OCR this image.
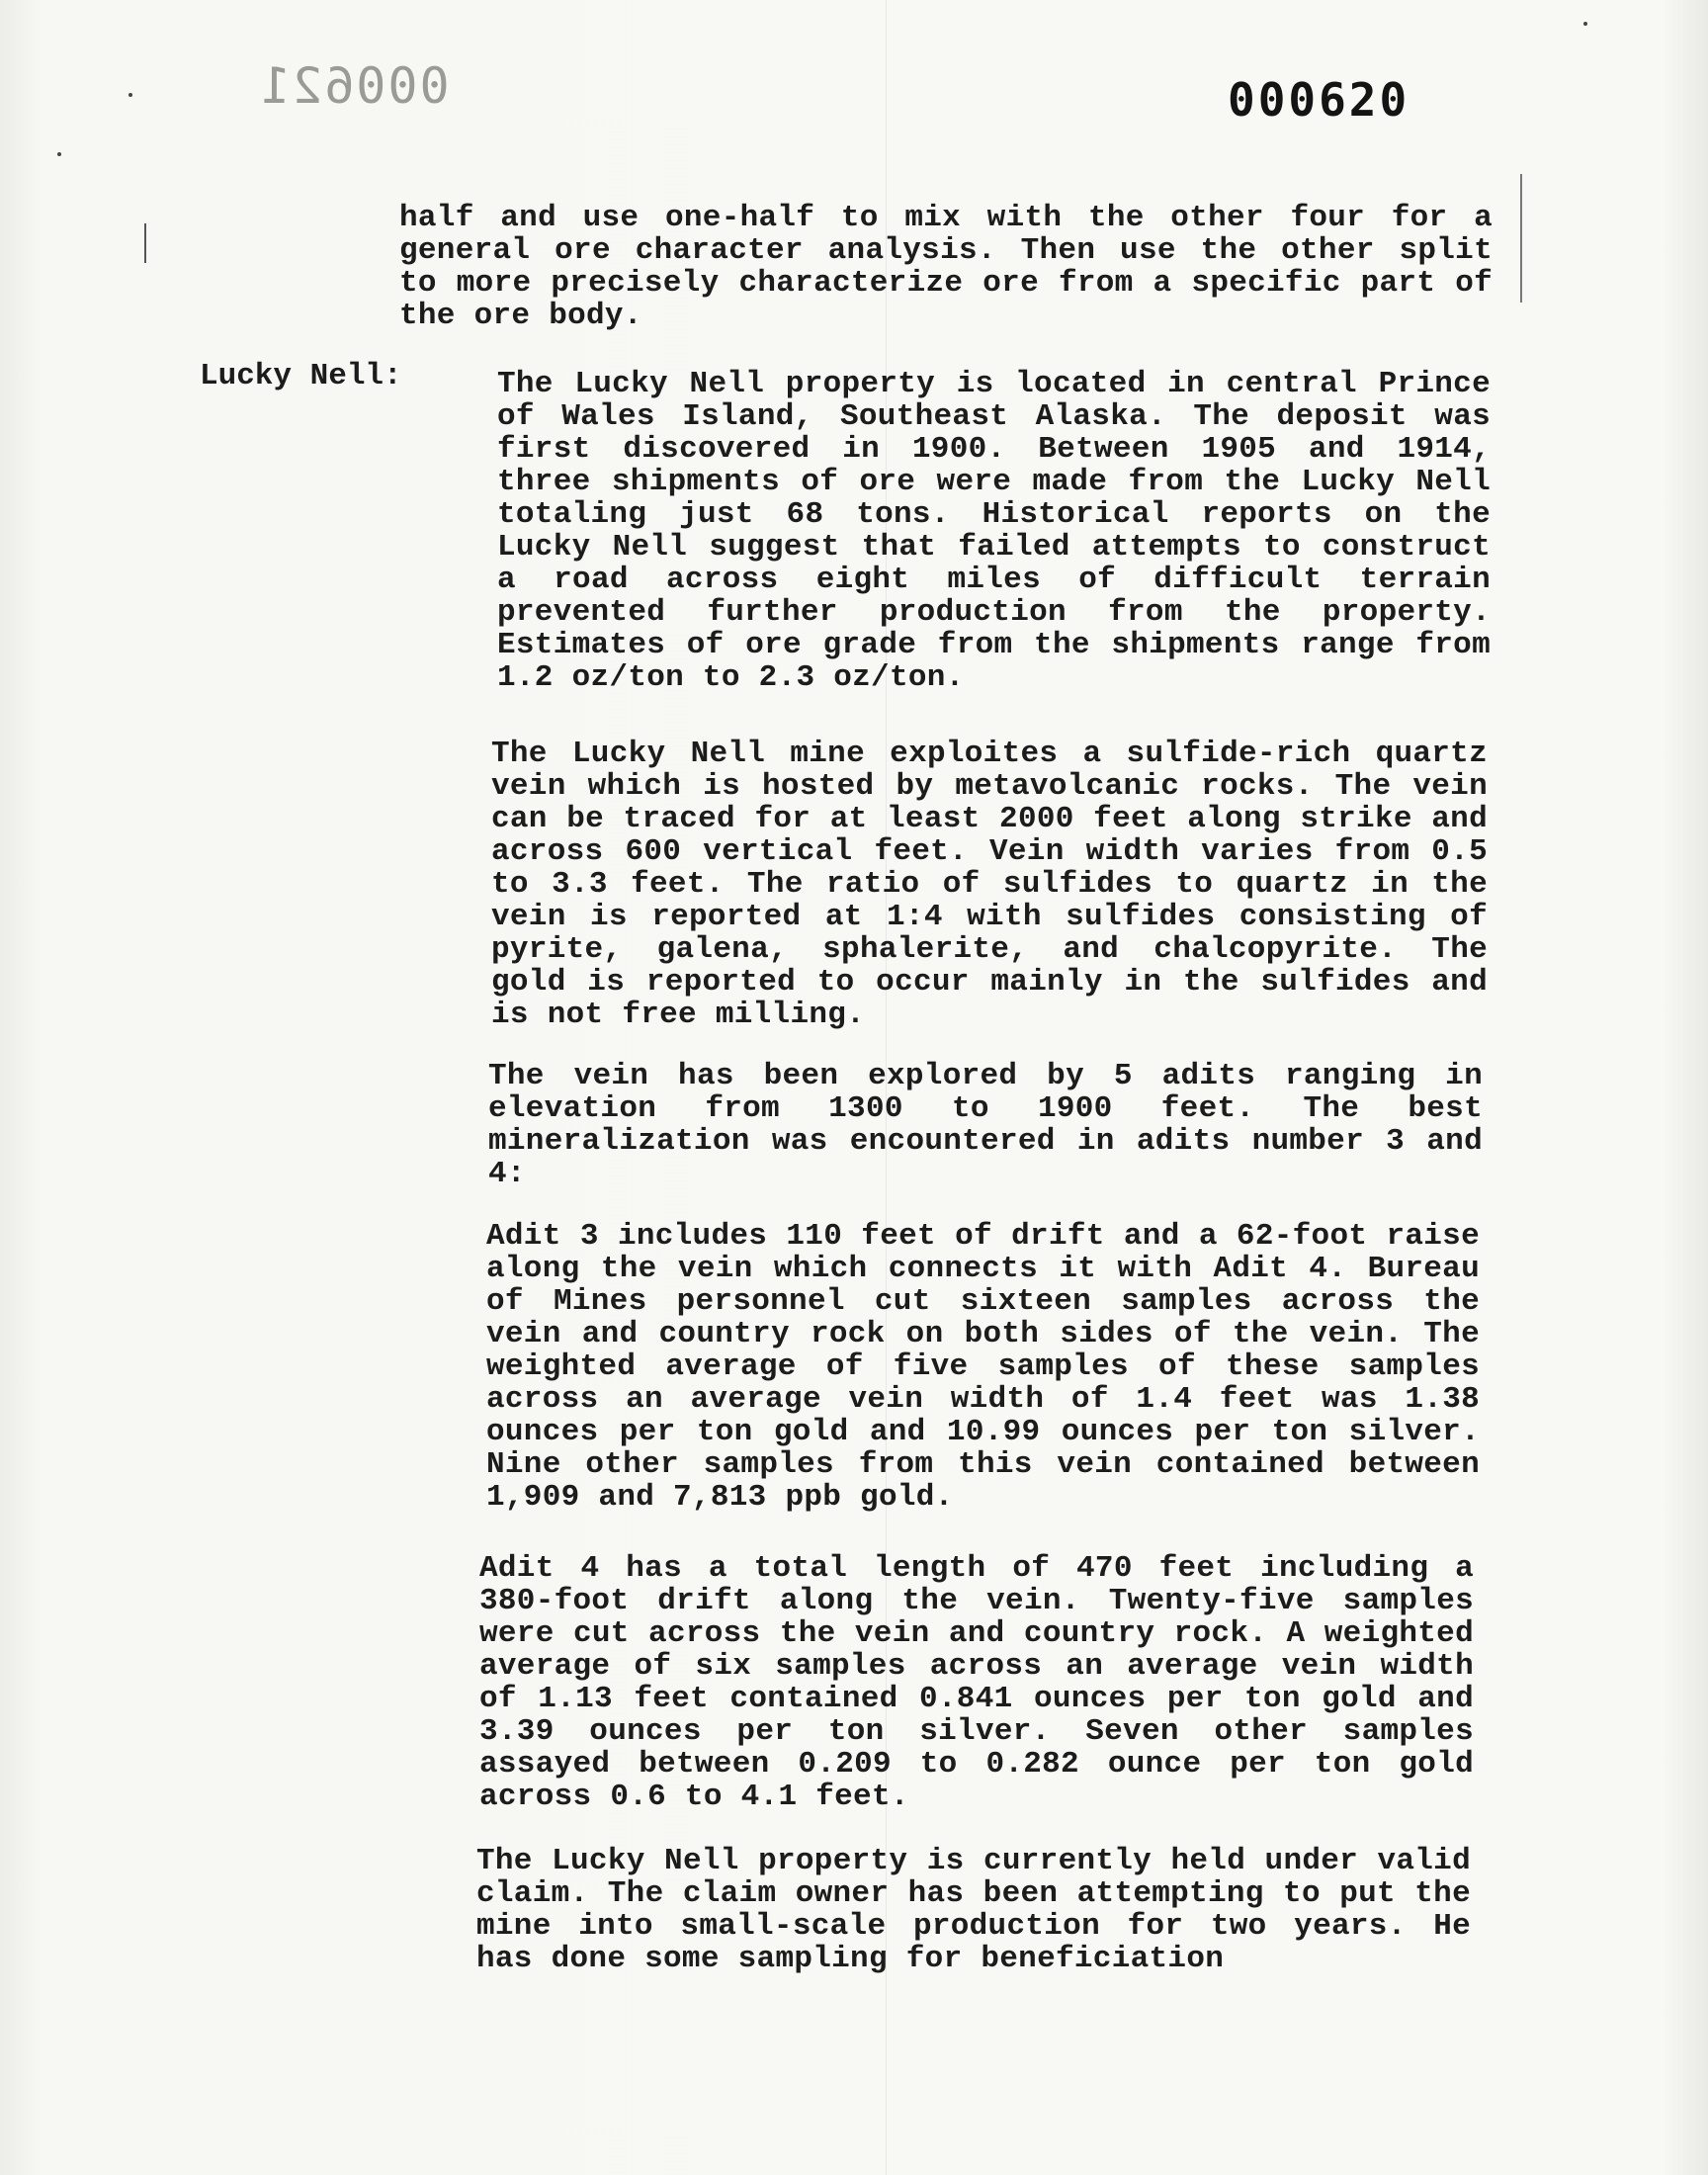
000621	000620

half and use one-half to mix with the other four for a general ore character analysis. Then use the other split to more precisely characterize ore from a specific part of the ore body.

Lucky Nell:	The Lucky Nell property is located in central Prince of Wales Island, Southeast Alaska. The deposit was first discovered in 1900. Between 1905 and 1914, three shipments of ore were made from the Lucky Nell totaling just 68 tons. Historical reports on the Lucky Nell suggest that failed attempts to construct a road across eight miles of difficult terrain prevented further production from the property. Estimates of ore grade from the shipments range from 1.2 oz/ton to 2.3 oz/ton.

The Lucky Nell mine exploites a sulfide-rich quartz vein which is hosted by metavolcanic rocks. The vein can be traced for at least 2000 feet along strike and across 600 vertical feet. Vein width varies from 0.5 to 3.3 feet. The ratio of sulfides to quartz in the vein is reported at 1:4 with sulfides consisting of pyrite, galena, sphalerite, and chalcopyrite. The gold is reported to occur mainly in the sulfides and is not free milling.

The vein has been explored by 5 adits ranging in elevation from 1300 to 1900 feet. The best mineralization was encountered in adits number 3 and 4:

Adit 3 includes 110 feet of drift and a 62-foot raise along the vein which connects it with Adit 4. Bureau of Mines personnel cut sixteen samples across the vein and country rock on both sides of the vein. The weighted average of five samples of these samples across an average vein width of 1.4 feet was 1.38 ounces per ton gold and 10.99 ounces per ton silver. Nine other samples from this vein contained between 1,909 and 7,813 ppb gold.

Adit 4 has a total length of 470 feet including a 380-foot drift along the vein. Twenty-five samples were cut across the vein and country rock. A weighted average of six samples across an average vein width of 1.13 feet contained 0.841 ounces per ton gold and 3.39 ounces per ton silver. Seven other samples assayed between 0.209 to 0.282 ounce per ton gold across 0.6 to 4.1 feet.

The Lucky Nell property is currently held under valid claim. The claim owner has been attempting to put the mine into small-scale production for two years. He has done some sampling for beneficiation
